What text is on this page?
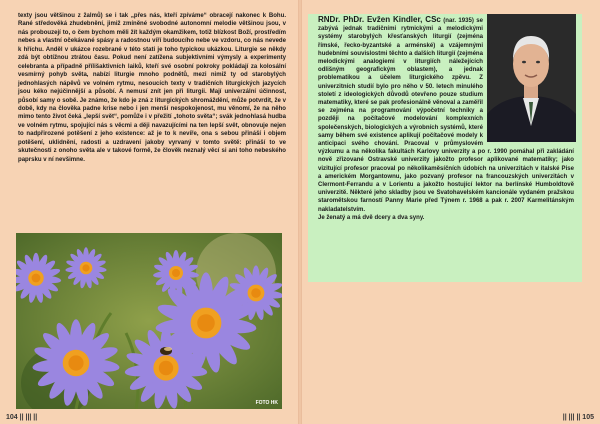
texty jsou většinou z žalmů) se i tak „přes nás, kteří zpíváme“ obracejí nakonec k Bohu. Rané středověká zhudebnění, jimiž zmíněné svobodné autonomní melodie většinou jsou, v nás probouzejí to, o čem bychom měli žít každým okamžikem, totiž blízkost Boží, prostředím nebes a vlastní očekávané spásy a radostnou víří budoucího nebe ve vzdoru, co nás nevede k hříchu. Anděl v ukázce rozebrané v této stati je toho typickou ukázkou. Liturgie se někdy zdá být obtížnou ztrátou času. Pokud není zatížena subjektivními výmysly a experimenty celebranta a případně přílišaktivních laiků, kteří své osobní pokroky pokládají za kolosální vesmírný pohyb světa, nabízí liturgie mnoho podnětů, mezi nimiž ty od starobylých jednohlasých nápěvů ve volném rytmu, nesoucích texty v tradičních liturgických jazycích jsou kéko nejúčinnější a působí. A nemusí znít jen při liturgii. Mají univerzální účinnost, působí samy o sobě. Je známo, že kdo je zná z liturgických shromáždění, může potvrdit, že v době, kdy na člověka padne krise nebo i jen menší nespokojenost, mu věnomí, že na něho mimo tento život čeká „lepší svět“, pomůže i v přežití „tohoto světa“; svák jednohlasá hudba ve volném rytmu, spojující nás s věcmi a ději navazujícími na ten lepší svět, obnovuje nejen to nadpřirozené potěšení z jeho existence: až je to k nevíře, ona s sebou přináší i objem potěšení, uklidnění, radosti a uzdravení jakoby vyrvaný v tomto světě: přináší to ve skutečnosti z onoho světa ale v takové formě, že člověk neznalý věcí si ani toho nebeského paprsku v ní nevšimne.

FOTO HK
104 || ||| ||

RNDr. PhDr. Evžen Kindler, CSc (nar. 1935) se zabývá jednak tradičními rytmickými a melodickými systémy starobylých křesťanských liturgií (zejména římské, řecko-byzantské a arménské) a vzájemnými hudebními souvislostmi těchto a dalších liturgií (zejména melodickými analogiemi v liturgiích náležejících odlišným geografickým oblastem), a jednak problematikou a účelem liturgického zpěvu. Z univerzitních studií bylo pro něho v 50. letech minulého století z ideologických důvodů otevřeno pouze studium matematiky, které se pak profesionálně věnoval a zaměřil se zejména na programování výpočetní techniky a později na počítačové modelování komplexních společenských, biologických a výrobních systémů, které samy během své existence aplikují počítačové modely k anticipaci svého chování. Pracoval v průmyslovém výzkumu a na několika fakultách Karlovy univerzity a po r. 1990 pomáhal při zakládání nově zřizované Ostravské univerzity jakožto profesor aplikované matematiky; jako vizitující profesor pracoval po několikaměsíčních údobích na univerzitách v italské Pise a americkém Morgantownu, jako pozvaný profesor na francouzských univerzitách v Clermont-Ferrandu a v Lorientu a jakožto hostující lektor na berlínské Humboldtově univerzitě. Některé jeho skladby jsou ve Svatohavelském kancionále vydaném pražskou staromětskou farností Panny Marie před Týnem r. 1968 a pak r. 2007 Karmelitánským nakladatelstvím.
Je ženatý a má dvě dcery a dva syny.

|| ||| || 105
